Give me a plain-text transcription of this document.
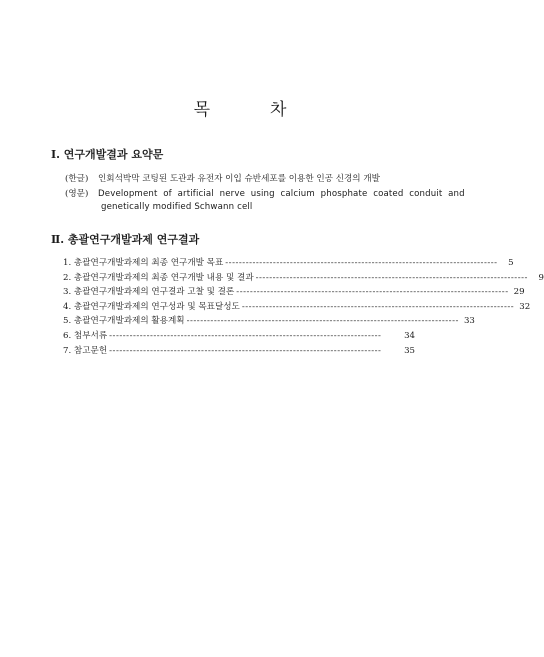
목	차
Ⅰ. 연구개발결과 요약문
(한글) 인회석박막 코팅된 도관과 유전자 이입 슈반세포를 이용한 인공 신경의 개발
(영문) Development  of  artificial  nerve  using  calcium  phosphate  coated  conduit  and
genetically modified Schwann cell
Ⅱ. 총괄연구개발과제 연구결과
1. 총괄연구개발과제의 최종 연구개발 목표 --------------------------------------------------------------------------------	5
2. 총괄연구개발과제의 최종 연구개발 내용 및 결과 --------------------------------------------------------------------------------	9
3. 총괄연구개발과제의 연구결과 고찰 및 결론 -------------------------------------------------------------------------------- 29
4. 총괄연구개발과제의 연구성과 및 목표달성도 -------------------------------------------------------------------------------- 32
5. 총괄연구개발과제의 활용계획 -------------------------------------------------------------------------------- 33
6. 첨부서류 --------------------------------------------------------------------------------	34
7. 참고문헌 --------------------------------------------------------------------------------	35
